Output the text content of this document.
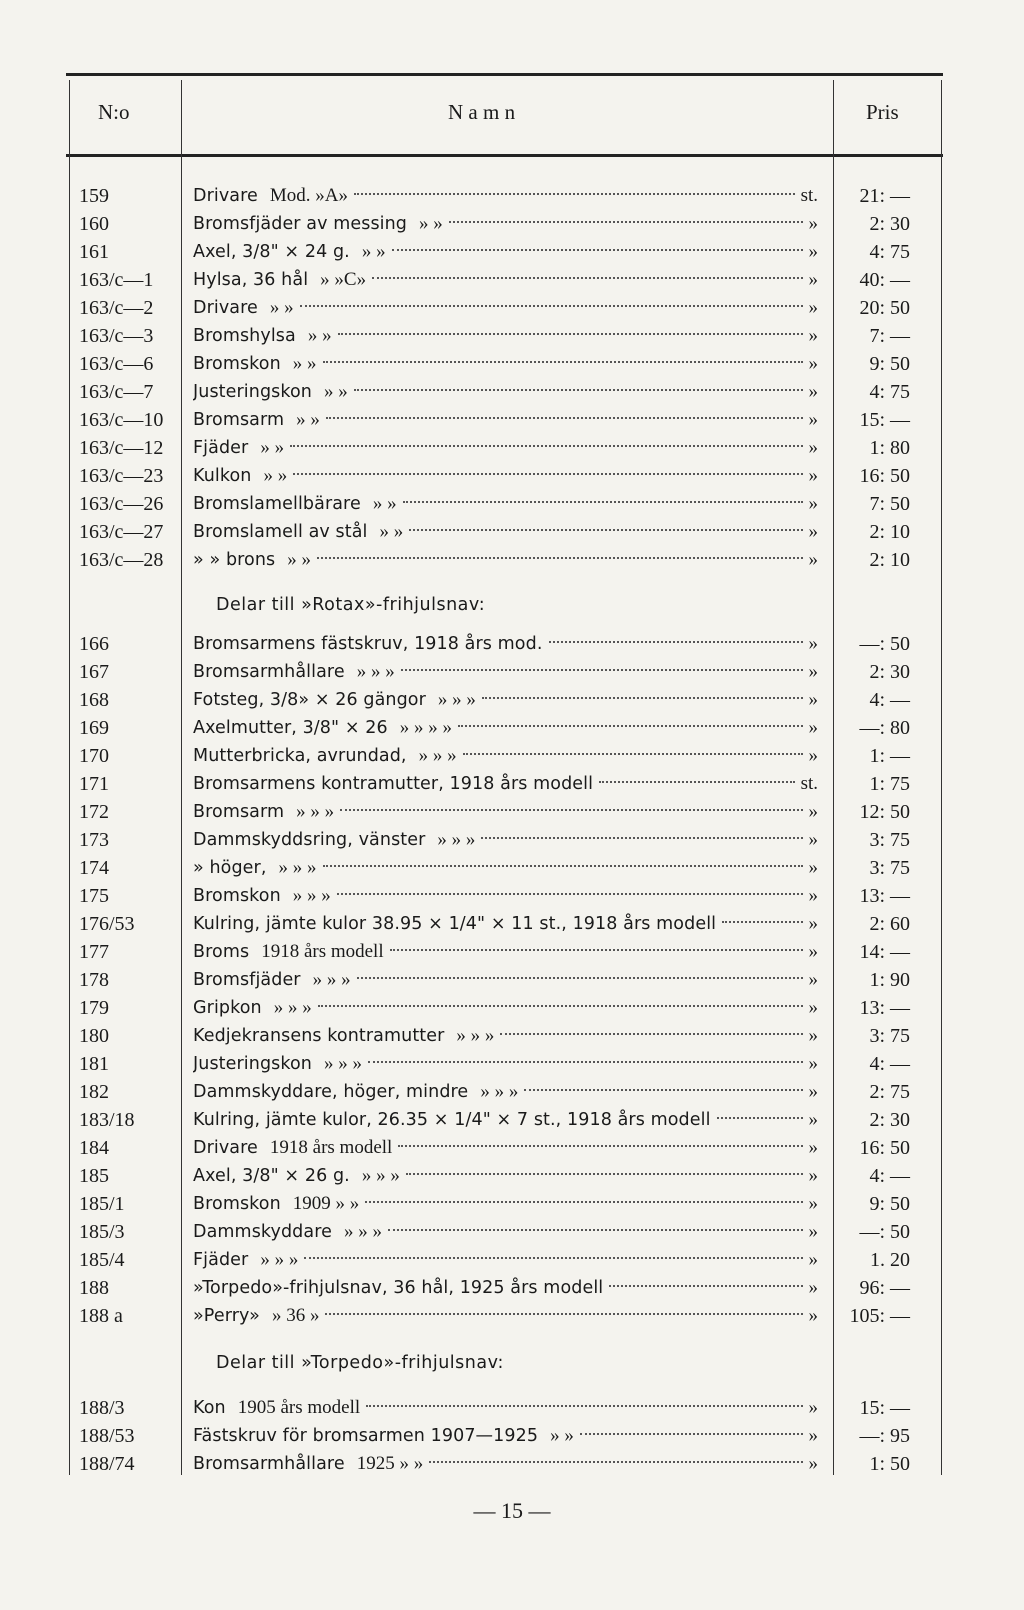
N:o	N a m n	Pris
159	Drivare Mod. »A»	st. 21: —
160	Bromsfjäder av messing » »	»	2: 30
161	Axel, 3/8" × 24 g. » »	»	4: 75
163/c—1 Hylsa, 36 hål » »C»	» 40: —
163/c—2 Drivare » »	» 20: 50
163/c—3 Bromshylsa » »	»	7: —
163/c—6 Bromskon » »	»	9: 50
163/c—7 Justeringskon » »	»	4: 75
163/c—10 Bromsarm » »	» 15: —
163/c—12 Fjäder » »	»	1: 80
163/c—23 Kulkon » »	» 16: 50
163/c—26 Bromslamellbärare » »	»	7: 50
163/c—27 Bromslamell av stål » »	»	2: 10
163/c—28 » » brons » »	»	2: 10
166	Bromsarmens fästskruv, 1918 års mod.	» —: 50
167	Bromsarmhållare » » »	»	2: 30
168	Fotsteg, 3/8» × 26 gängor » » »	»	4: —
169	Axelmutter, 3/8" × 26 » » » »	» —: 80
170	Mutterbricka, avrundad, » » »	»	1: —
171	Bromsarmens kontramutter, 1918 års modell	st.	1: 75
172	Bromsarm » » »	» 12: 50
173	Dammskyddsring, vänster » » »	»	3: 75
174	» höger, » » »	»	3: 75
175	Bromskon » » »	» 13: —
176/53	Kulring, jämte kulor 38.95 × 1/4" × 11 st., 1918 års modell	»	2: 60
177	Broms 1918 års modell	» 14: —
178	Bromsfjäder » » »	»	1: 90
179	Gripkon » » »	» 13: —
180	Kedjekransens kontramutter » » »	»	3: 75
181	Justeringskon » » »	»	4: —
182	Dammskyddare, höger, mindre » » »	»	2: 75
183/18	Kulring, jämte kulor, 26.35 × 1/4" × 7 st., 1918 års modell	»	2: 30
184	Drivare 1918 års modell	» 16: 50
185	Axel, 3/8" × 26 g. » » »	»	4: —
185/1	Bromskon 1909 » »	»	9: 50
185/3	Dammskyddare » » »	» —: 50
185/4	Fjäder » » »	»	1. 20
188	»Torpedo»-frihjulsnav, 36 hål, 1925 års modell	» 96: —
188 a	»Perry» » 36 »	» 105: —
188/3	Kon 1905 års modell	» 15: —
188/53	Fästskruv för bromsarmen 1907—1925 » »	» —: 95
188/74	Bromsarmhållare 1925 » »	»	1: 50
Delar till »Rotax»-frihjulsnav:
Delar till »Torpedo»-frihjulsnav:
— 15 —
